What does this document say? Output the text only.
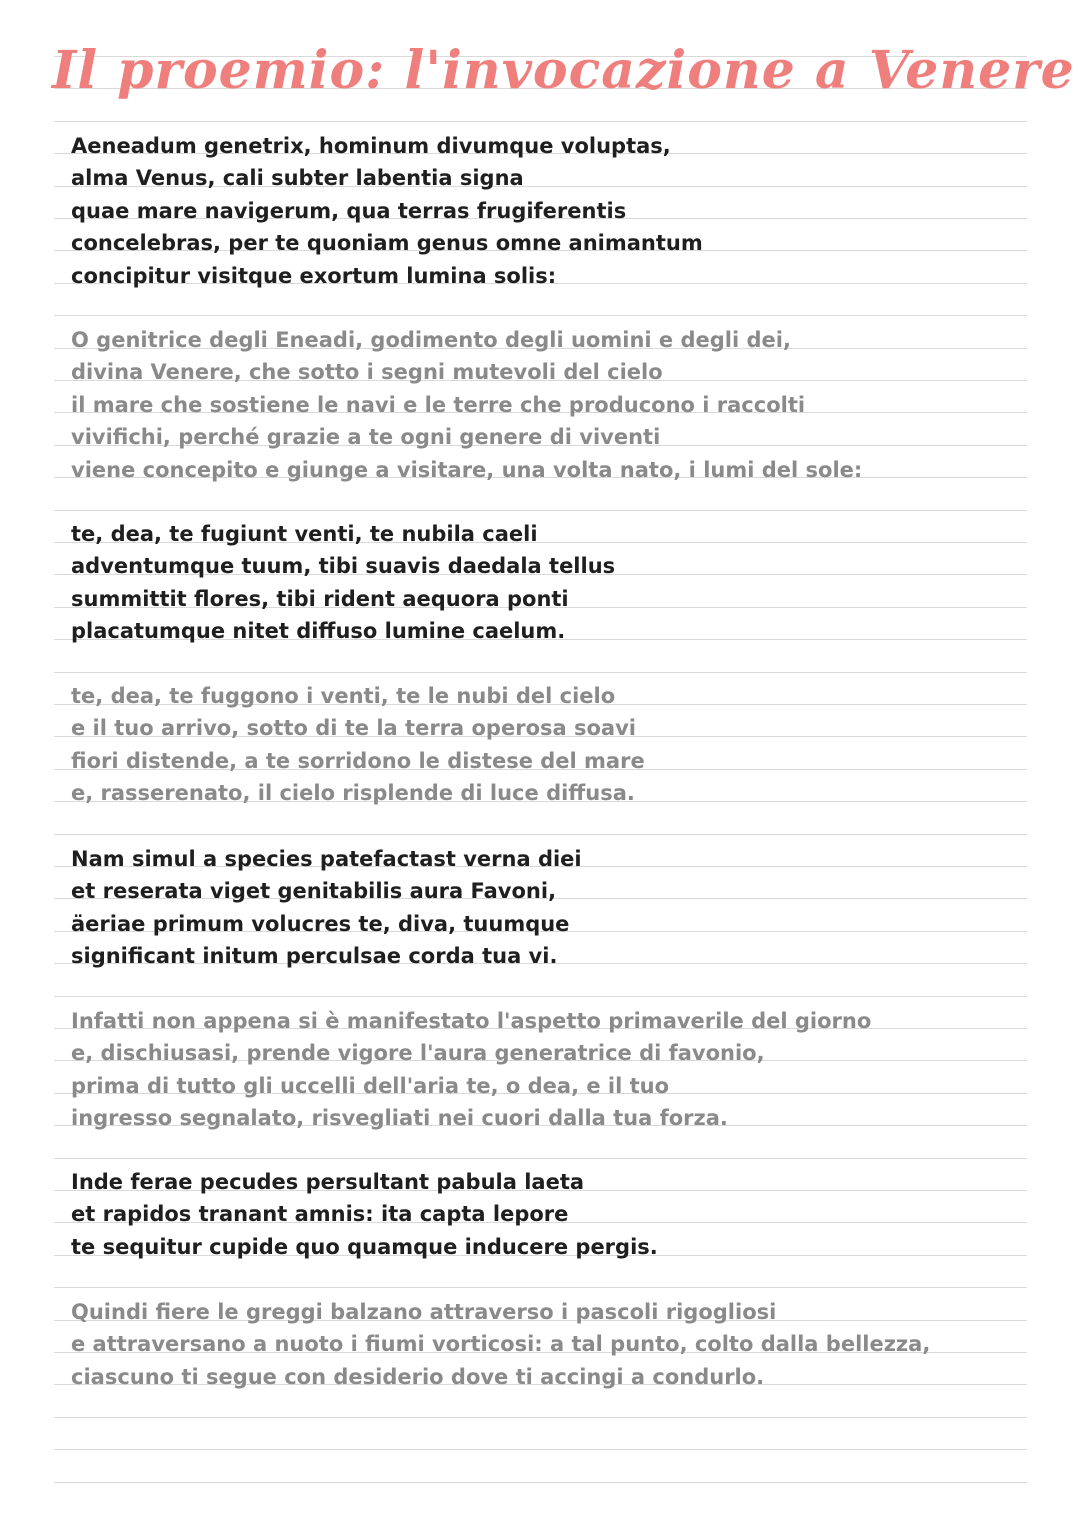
Il proemio: l'invocazione a Venere
Aeneadum genetrix, hominum divumque voluptas,
alma Venus, cali subter labentia signa
quae mare navigerum, qua terras frugiferentis
concelebras, per te quoniam genus omne animantum
concipitur visitque exortum lumina solis:
O genitrice degli Eneadi, godimento degli uomini e degli dei,
divina Venere, che sotto i segni mutevoli del cielo
il mare che sostiene le navi e le terre che producono i raccolti
vivifichi, perché grazie a te ogni genere di viventi
viene concepito e giunge a visitare, una volta nato, i lumi del sole:
te, dea, te fugiunt venti, te nubila caeli
adventumque tuum, tibi suavis daedala tellus
summittit flores, tibi rident aequora ponti
placatumque nitet diffuso lumine caelum.
te, dea, te fuggono i venti, te le nubi del cielo
e il tuo arrivo, sotto di te la terra operosa soavi
fiori distende, a te sorridono le distese del mare
e, rasserenato, il cielo risplende di luce diffusa.
Nam simul a species patefactast verna diei
et reserata viget genitabilis aura Favoni,
äeriae primum volucres te, diva, tuumque
significant initum perculsae corda tua vi.
Infatti non appena si è manifestato l'aspetto primaverile del giorno
e, dischiusasi, prende vigore l'aura generatrice di favonio,
prima di tutto gli uccelli dell'aria te, o dea, e il tuo
ingresso segnalato, risvegliati nei cuori dalla tua forza.
Inde ferae pecudes persultant pabula laeta
et rapidos tranant amnis: ita capta lepore
te sequitur cupide quo quamque inducere pergis.
Quindi fiere le greggi balzano attraverso i pascoli rigogliosi
e attraversano a nuoto i fiumi vorticosi: a tal punto, colto dalla bellezza,
ciascuno ti segue con desiderio dove ti accingi a condurlo.
